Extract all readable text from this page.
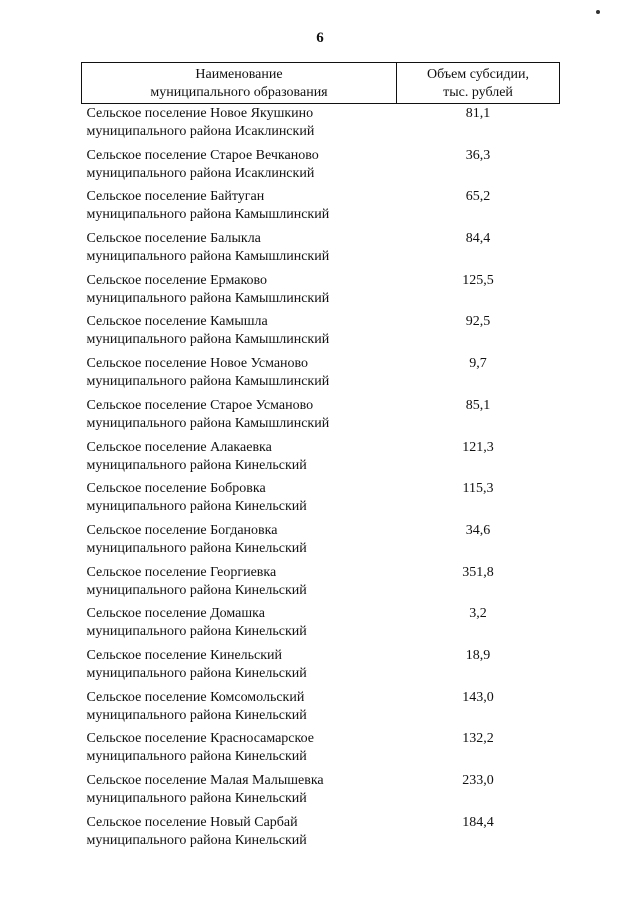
6
Наименование
муниципального образования	Объем субсидии,
тыс. рублей

Сельское поселение Новое Якушкино
муниципального района Исаклинский	81,1

Сельское поселение Старое Вечканово
муниципального района Исаклинский	36,3

Сельское поселение Байтуган
муниципального района Камышлинский	65,2

Сельское поселение Балыкла
муниципального района Камышлинский	84,4

Сельское поселение Ермаково
муниципального района Камышлинский	125,5

Сельское поселение Камышла
муниципального района Камышлинский	92,5

Сельское поселение Новое Усманово
муниципального района Камышлинский	9,7

Сельское поселение Старое Усманово
муниципального района Камышлинский	85,1

Сельское поселение Алакаевка
муниципального района Кинельский	121,3

Сельское поселение Бобровка
муниципального района Кинельский	115,3

Сельское поселение Богдановка
муниципального района Кинельский	34,6

Сельское поселение Георгиевка
муниципального района Кинельский	351,8

Сельское поселение Домашка
муниципального района Кинельский	3,2

Сельское поселение Кинельский
муниципального района Кинельский	18,9

Сельское поселение Комсомольский
муниципального района Кинельский	143,0

Сельское поселение Красносамарское
муниципального района Кинельский	132,2

Сельское поселение Малая Малышевка
муниципального района Кинельский	233,0

Сельское поселение Новый Сарбай
муниципального района Кинельский	184,4
